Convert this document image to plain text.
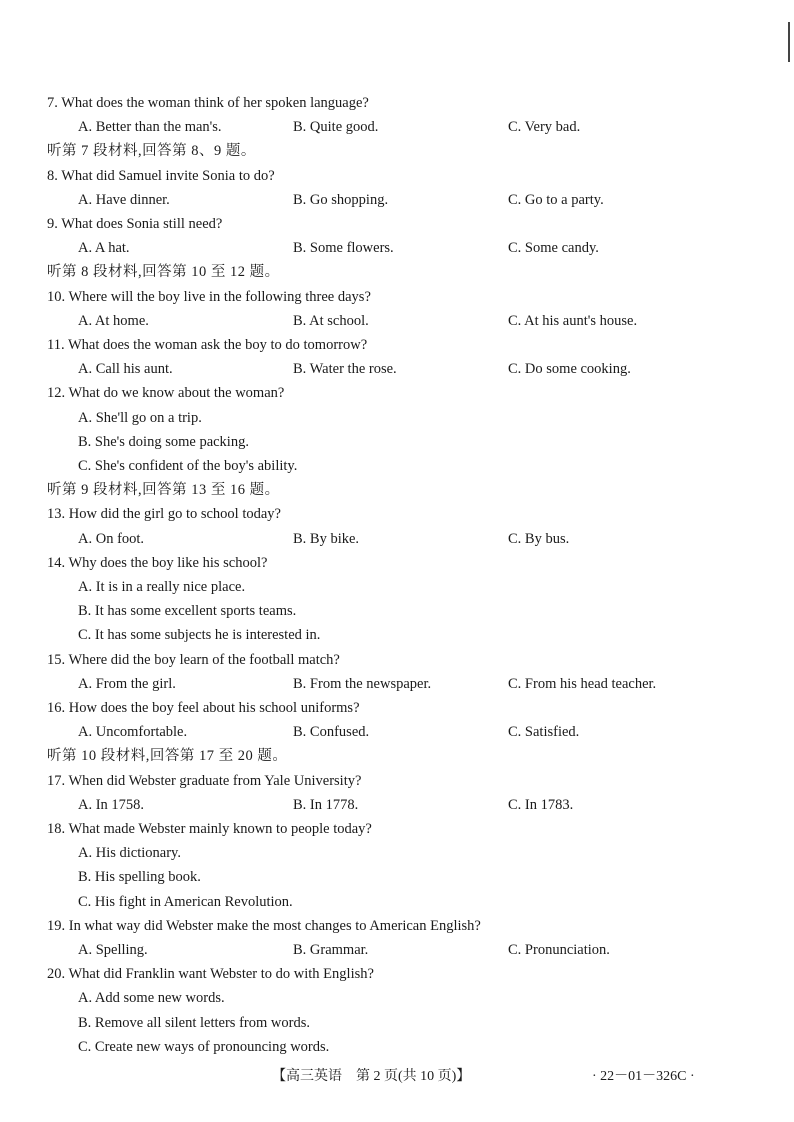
7. What does the woman think of her spoken language?
A. Better than the man's.	B. Quite good.	C. Very bad.
听第 7 段材料,回答第 8、9 题。
8. What did Samuel invite Sonia to do?
A. Have dinner.	B. Go shopping.	C. Go to a party.
9. What does Sonia still need?
A. A hat.	B. Some flowers.	C. Some candy.
听第 8 段材料,回答第 10 至 12 题。
10. Where will the boy live in the following three days?
A. At home.	B. At school.	C. At his aunt's house.
11. What does the woman ask the boy to do tomorrow?
A. Call his aunt.	B. Water the rose.	C. Do some cooking.
12. What do we know about the woman?
A. She'll go on a trip.
B. She's doing some packing.
C. She's confident of the boy's ability.
听第 9 段材料,回答第 13 至 16 题。
13. How did the girl go to school today?
A. On foot.	B. By bike.	C. By bus.
14. Why does the boy like his school?
A. It is in a really nice place.
B. It has some excellent sports teams.
C. It has some subjects he is interested in.
15. Where did the boy learn of the football match?
A. From the girl.	B. From the newspaper.	C. From his head teacher.
16. How does the boy feel about his school uniforms?
A. Uncomfortable.	B. Confused.	C. Satisfied.
听第 10 段材料,回答第 17 至 20 题。
17. When did Webster graduate from Yale University?
A. In 1758.	B. In 1778.	C. In 1783.
18. What made Webster mainly known to people today?
A. His dictionary.
B. His spelling book.
C. His fight in American Revolution.
19. In what way did Webster make the most changes to American English?
A. Spelling.	B. Grammar.	C. Pronunciation.
20. What did Franklin want Webster to do with English?
A. Add some new words.
B. Remove all silent letters from words.
C. Create new ways of pronouncing words.
【高三英语　第 2 页(共 10 页)】	· 22－01－326C ·
